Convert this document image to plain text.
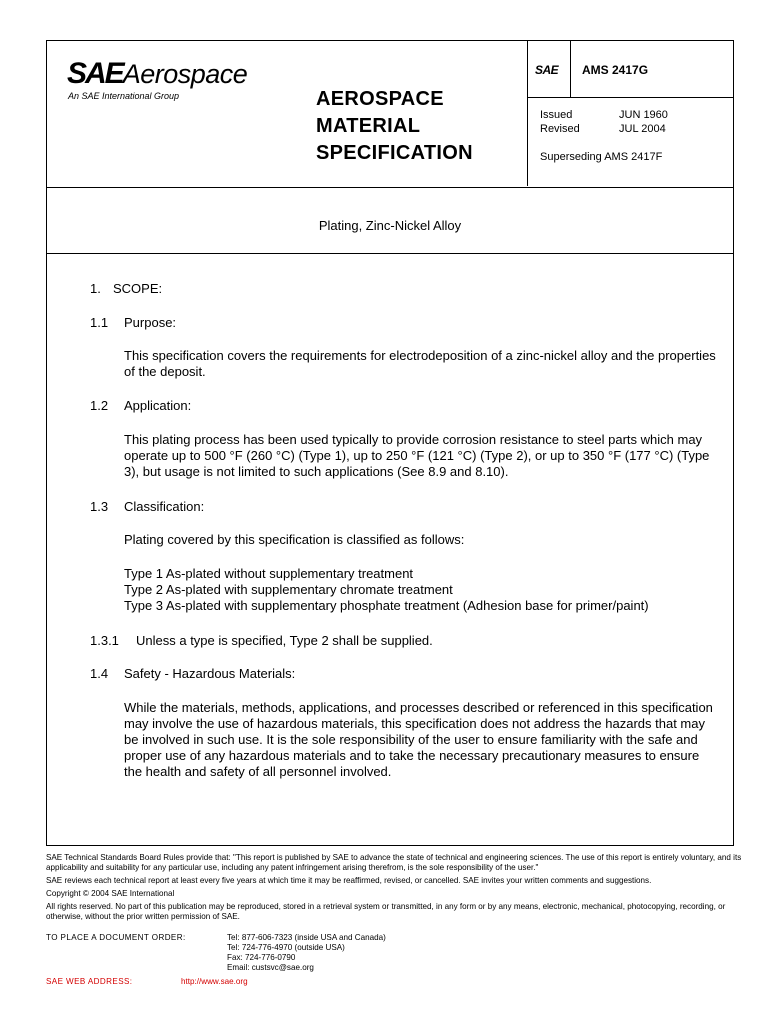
SAEAerospace
An SAE International Group	AEROSPACE
MATERIAL
SPECIFICATION
SAE AMS 2417G
Issued	JUN 1960
Revised	JUL 2004
Superseding AMS 2417F
Plating, Zinc-Nickel Alloy
1. SCOPE:
1.1 Purpose:
This specification covers the requirements for electrodeposition of a zinc-nickel alloy and the properties of the deposit.
1.2 Application:
This plating process has been used typically to provide corrosion resistance to steel parts which may operate up to 500 °F (260 °C) (Type 1), up to 250 °F (121 °C) (Type 2), or up to 350 °F (177 °C) (Type 3), but usage is not limited to such applications (See 8.9 and 8.10).
1.3 Classification:
Plating covered by this specification is classified as follows:
Type 1 As-plated without supplementary treatment
Type 2 As-plated with supplementary chromate treatment
Type 3 As-plated with supplementary phosphate treatment (Adhesion base for primer/paint)
1.3.1 Unless a type is specified, Type 2 shall be supplied.
1.4 Safety - Hazardous Materials:
While the materials, methods, applications, and processes described or referenced in this specification may involve the use of hazardous materials, this specification does not address the hazards that may be involved in such use. It is the sole responsibility of the user to ensure familiarity with the safe and proper use of any hazardous materials and to take the necessary precautionary measures to ensure the health and safety of all personnel involved.

SAE Technical Standards Board Rules provide that: "This report is published by SAE to advance the state of technical and engineering sciences. The use of this report is entirely voluntary, and its applicability and suitability for any particular use, including any patent infringement arising therefrom, is the sole responsibility of the user."

SAE reviews each technical report at least every five years at which time it may be reaffirmed, revised, or cancelled. SAE invites your written comments and suggestions.

Copyright © 2004 SAE International

All rights reserved. No part of this publication may be reproduced, stored in a retrieval system or transmitted, in any form or by any means, electronic, mechanical, photocopying, recording, or otherwise, without the prior written permission of SAE.

TO PLACE A DOCUMENT ORDER:	Tel: 877-606-7323 (inside USA and Canada)
Tel: 724-776-4970 (outside USA)
Fax: 724-776-0790
Email: custsvc@sae.org
SAE WEB ADDRESS:	http://www.sae.org
